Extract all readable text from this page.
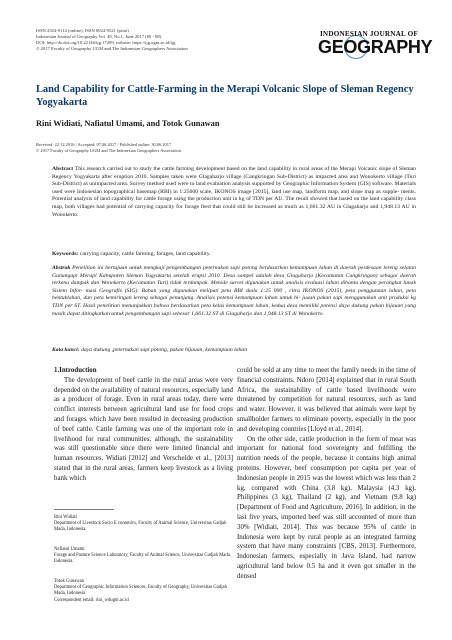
ISSN 2354-9114 (online), ISSN 0024-9521 (print)
Indonesian Journal of Geography Vol. 49, No.1, June 2017 (80 - 88)
DOI: http://dx.doi.org/10.22146/ijg.17299, website: https://ijg.ugm.ac.id/ijg
© 2017 Faculty of Geography UGM and The Indonesian Geographers Association
INDONESIAN JOURNAL OF
GEOGRAPHY
Land Capability for Cattle-Farming in the Merapi Volcanic Slope of Sleman Regency Yogyakarta
Rini Widiati, Nafiatul Umami, and Totok Gunawan
Received: 22.12.2016 / Accepted: 07.06.2017 / Published online: 30.06.2017
© 2017 Faculty of Geography UGM and The Indonesian Geographers Association
Abstract This research carried out to study the cattle farming development based on the land capability in rural areas of the Merapi Volcanic slope of Sleman Regency Yogyakarta after eruption 2010. Samples taken were Glagaharjo village (Cangkringan Sub-District) as impacted area and Wonokerto village (Turi Sub-District) as unimpacted area. Survey method used were to land evaluation analysis supported by Geographic Information System (GIS) software. Materials used were Indonesian topographical basemap (RBI) in 1:25000 scale, IKONOS image [2015], land use map, landform map, and slope map as supple- ments. Potential analysis of land capability for cattle forage using the production unit in kg of TDN per AU. The result showed that based on the land capability class map, both villages had potential of carrying capacity for forage feed that could still be increased as much as 1,661.32 AU in Glagaharjo and 1,948.13 AU in Wonokerto.
Keywords: carrying capacity, cattle farming, forages, land capability.
Abstrak Penelitian ini bertujuan untuk mengkaji pengembangan peternakan sapi potong berdasarkan kemampuan lahan di daerah perdesaan lereng selatan Gunungapi Merapi Kabupaten Sleman Yogyakarta setelah erupsi 2010. Desa sampel adalah desa Glagaharjo (Kecamatan Cangkringan) sebagai daerah terkena dampak dan Wonokerto (Kecamatan Turi) tidak terdampak. Metode survei digunakan untuk analisis evaluasi lahan dibantu dengan perangkat lunak Sistem Infor- masi Geografis (SIG). Bahan yang digunakan meliputi peta RBI skala 1:25 000 , citra IKONOS (2015), peta penggunaan lahan, peta bentuklahan, dan peta kemiringan lereng sebagai penunjang. Analisis potensi kemampuan lahan untuk hi- juaan pakan sapi menggunakan unit produksi kg TDN per ST. Hasil penelitian menunjukkan bahwa berdasarkan peta kelas kemampuan lahan, kedua desa memiliki potensi daya dukung pakan hijauan yang masih dapat ditingkatkan untuk pengembangan sapi sebesar 1,661.32 ST di Glagaharjo dan 1,948.13 ST di Wonokerto.
Kata kunci: daya dukung ,peternakan sapi potong, pakan hijauan, kemampuan lahan
1.Introduction

The development of beef cattle in the rural areas were very depended on the availability of natural resources, especially land as a producer of forage. Even in rural areas today, there were conflict interests between agricultural land use for food crops and forages which have been resulted in decreasing production of beef cattle. Cattle farming was one of the important role in livelihood for rural communities, although, the sustainability was still questionable since there were limited financial and human resources. Widiati [2012] and Verschelde et al., [2013] stated that in the rural areas, farmers keep livestock as a living bank which

could be sold at any time to meet the family needs in the time of financial constraints. Ndoro [2014] explained that in rural South Africa, the sustainability of cattle based livelihoods were threatened by competition for natural resources, such as land and water. However, it was believed that animals were kept by smallholder farmers to eliminate poverty, especially in the poor and developing countries [Lloyd et al., 2014].

On the other side, cattle production in the form of meat was important for national food sovereignty and fulfilling the nutrition needs of the people, because it contains high animal proteins. However, beef consumption per capita per year of Indonesian people in 2015 was the lowest which was less than 2 kg, compared with China (3.8 kg), Malaysia (4.3 kg), Philippines (3 kg), Thailand (2 kg), and Vietnam (9.8 kg) [Department of Food and Agriculture, 2016]. In addition, in the last five years, imported beef was still accounted of more than 30% [Widiati, 2014]. This was because 95% of cattle in Indonesia were kept by rural people as an integrated farming system that have many constraints [CBS, 2013]. Furthermore, Indonesian farmers, especially in Java Island, had narrow agricultural land below 0.5 ha and it even got smaller in the densed

Rini Widiati
Department of Livestock Socio E conomics, Faculty of Animal Science, Universitas Gadjah Mada, Indonesia.
Nafiatul Umami
Forage and Pasture Science Laboratory, Faculty of Animal Science, Universitas Gadjah Mada, Indonesia.
Totok Gunawan
Department of Geographic Information Sciences, Faculty of Geography, Universitas Gadjah Mada, Indonesia
Correspondent email: rini_wdugm.ac.id
